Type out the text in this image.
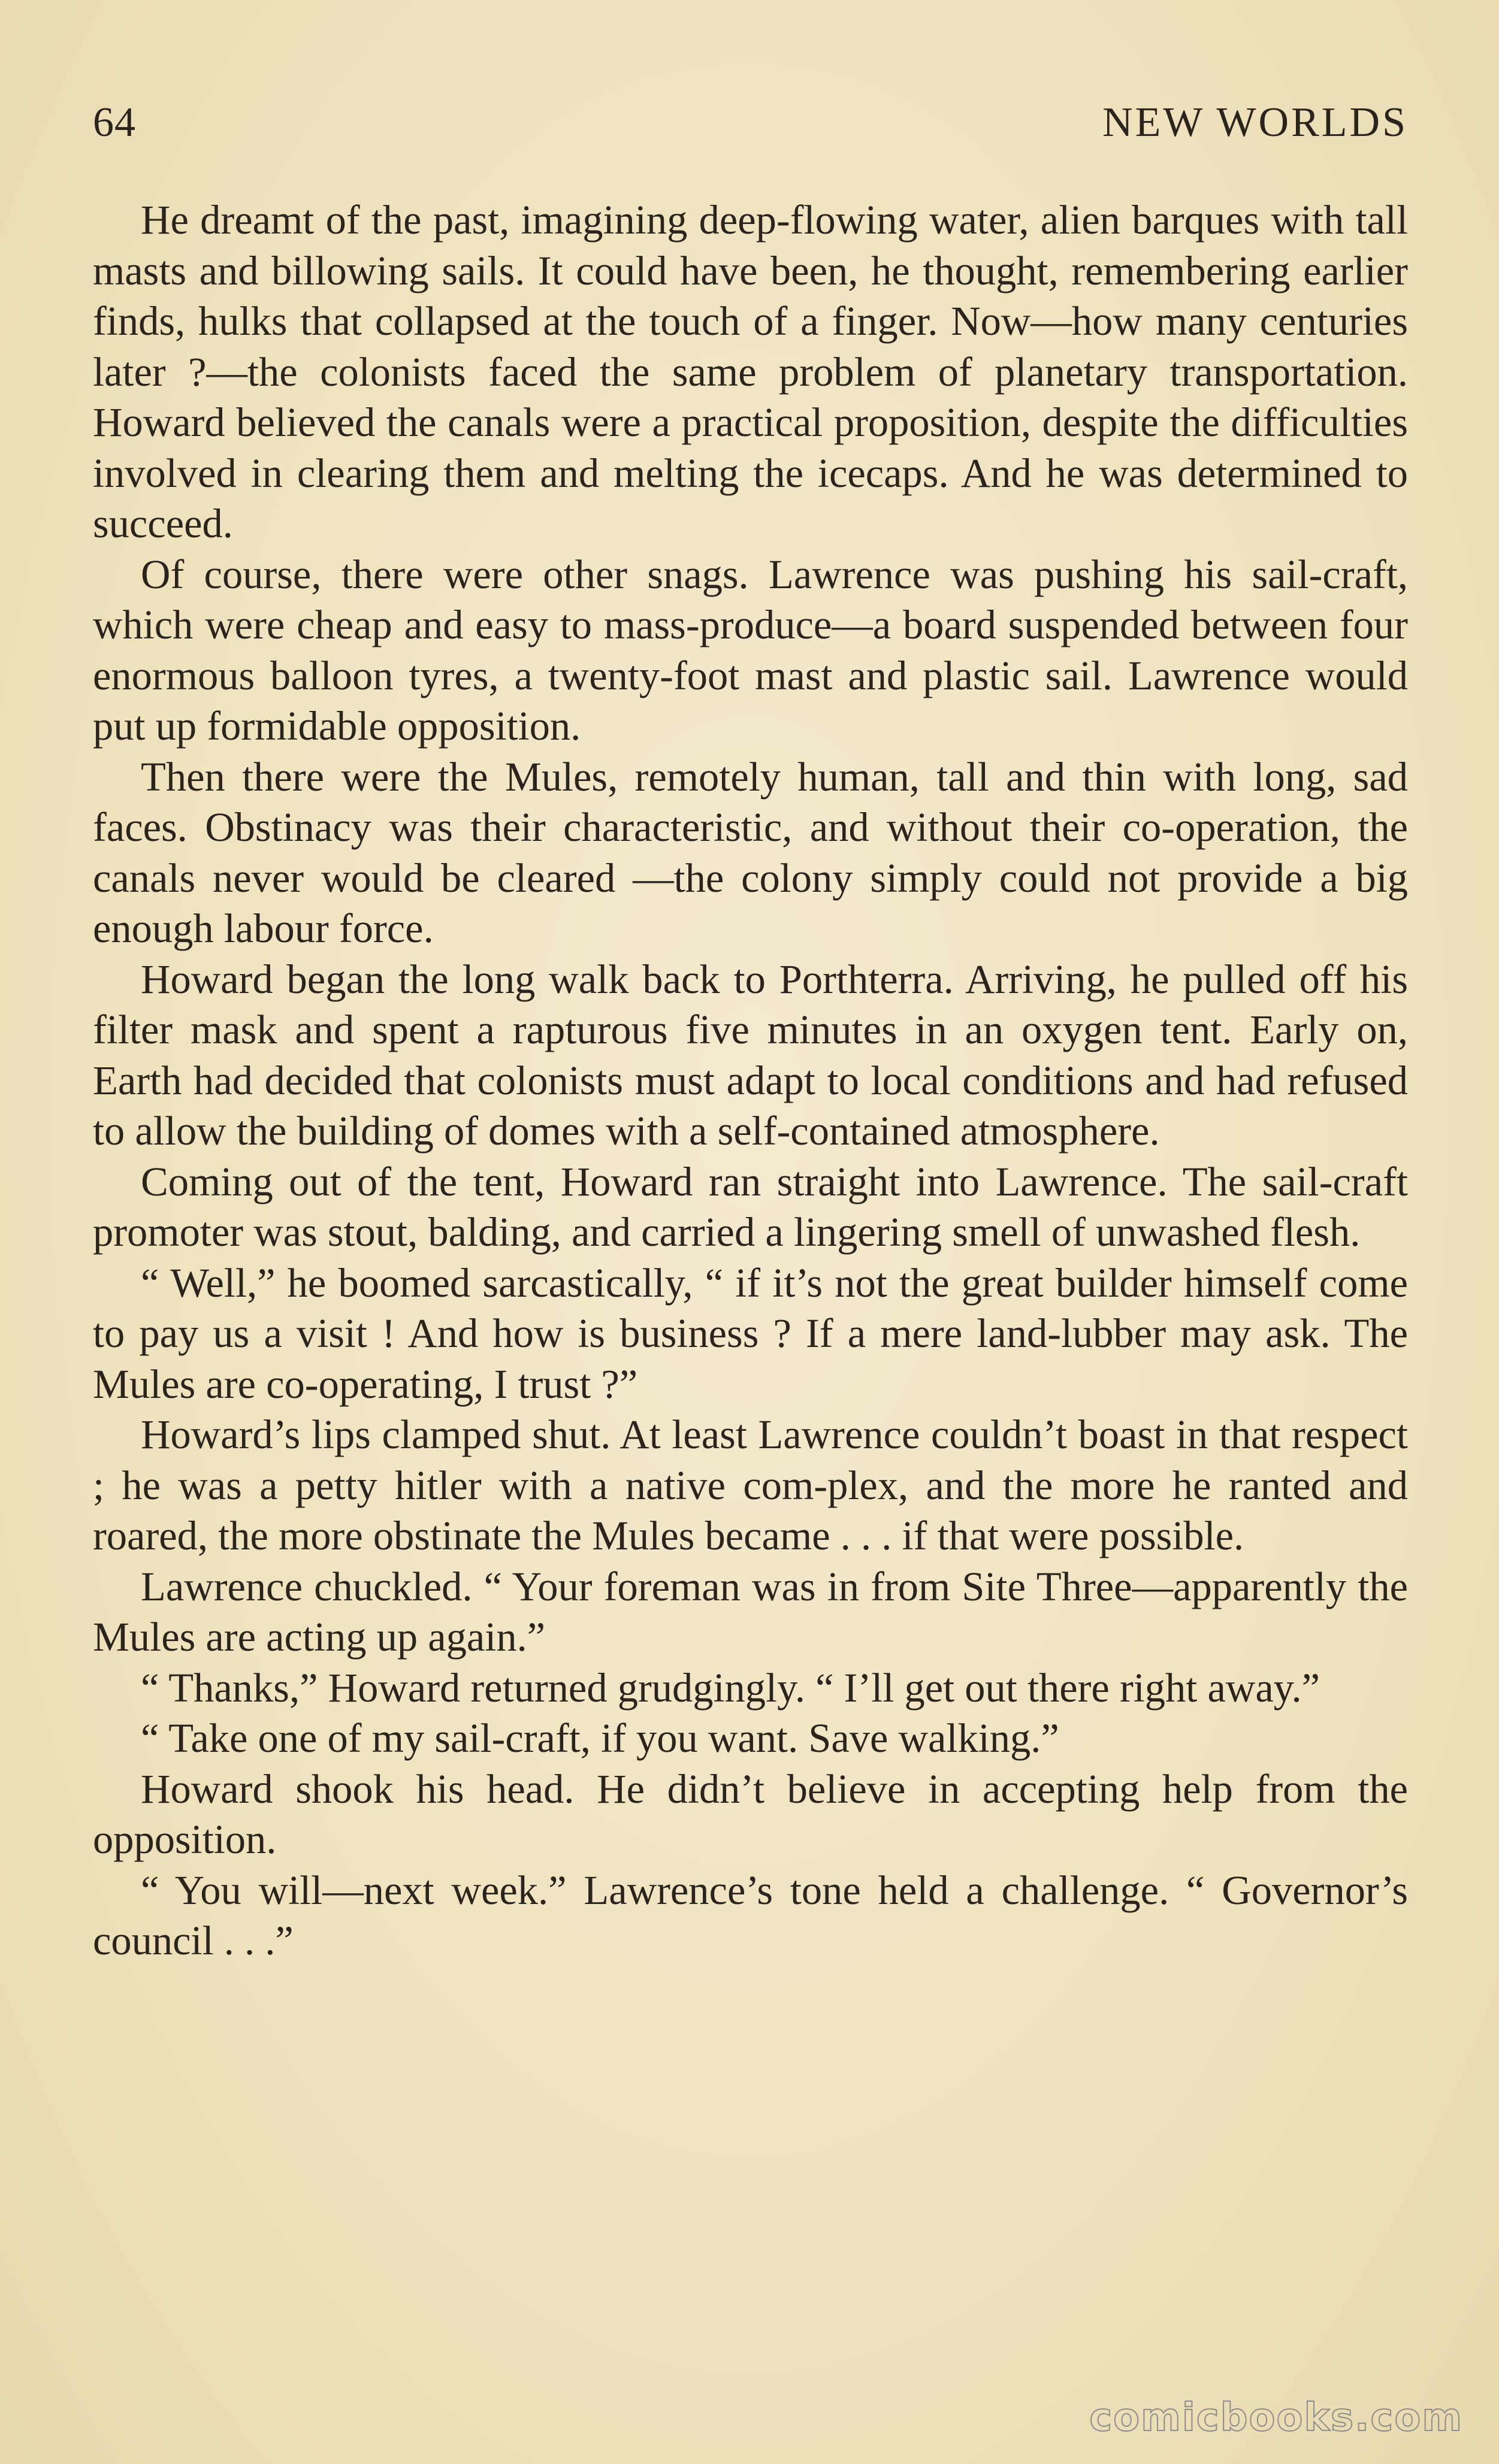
64	NEW WORLDS

He dreamt of the past, imagining deep-flowing water, alien barques with tall masts and billowing sails. It could have been, he thought, remembering earlier finds, hulks that collapsed at the touch of a finger. Now—how many centuries later ?—the colonists faced the same problem of planetary transportation. Howard believed the canals were a practical proposition, despite the difficulties involved in clearing them and melting the icecaps. And he was determined to succeed.

Of course, there were other snags. Lawrence was pushing his sail-craft, which were cheap and easy to mass-produce—a board suspended between four enormous balloon tyres, a twenty-foot mast and plastic sail. Lawrence would put up formidable opposition.

Then there were the Mules, remotely human, tall and thin with long, sad faces. Obstinacy was their characteristic, and without their co-operation, the canals never would be cleared —the colony simply could not provide a big enough labour force.

Howard began the long walk back to Porthterra. Arriving, he pulled off his filter mask and spent a rapturous five minutes in an oxygen tent. Early on, Earth had decided that colonists must adapt to local conditions and had refused to allow the building of domes with a self-contained atmosphere.

Coming out of the tent, Howard ran straight into Lawrence. The sail-craft promoter was stout, balding, and carried a lingering smell of unwashed flesh.

“ Well,” he boomed sarcastically, “ if it’s not the great builder himself come to pay us a visit ! And how is business ? If a mere land-lubber may ask. The Mules are co-operating, I trust ?”

Howard’s lips clamped shut. At least Lawrence couldn’t boast in that respect ; he was a petty hitler with a native com-plex, and the more he ranted and roared, the more obstinate the Mules became . . . if that were possible.

Lawrence chuckled. “ Your foreman was in from Site Three—apparently the Mules are acting up again.”

“ Thanks,” Howard returned grudgingly. “ I’ll get out there right away.”

“ Take one of my sail-craft, if you want. Save walking.”

Howard shook his head. He didn’t believe in accepting help from the opposition.

“ You will—next week.” Lawrence’s tone held a challenge. “ Governor’s council . . .”

comicbooks.com
